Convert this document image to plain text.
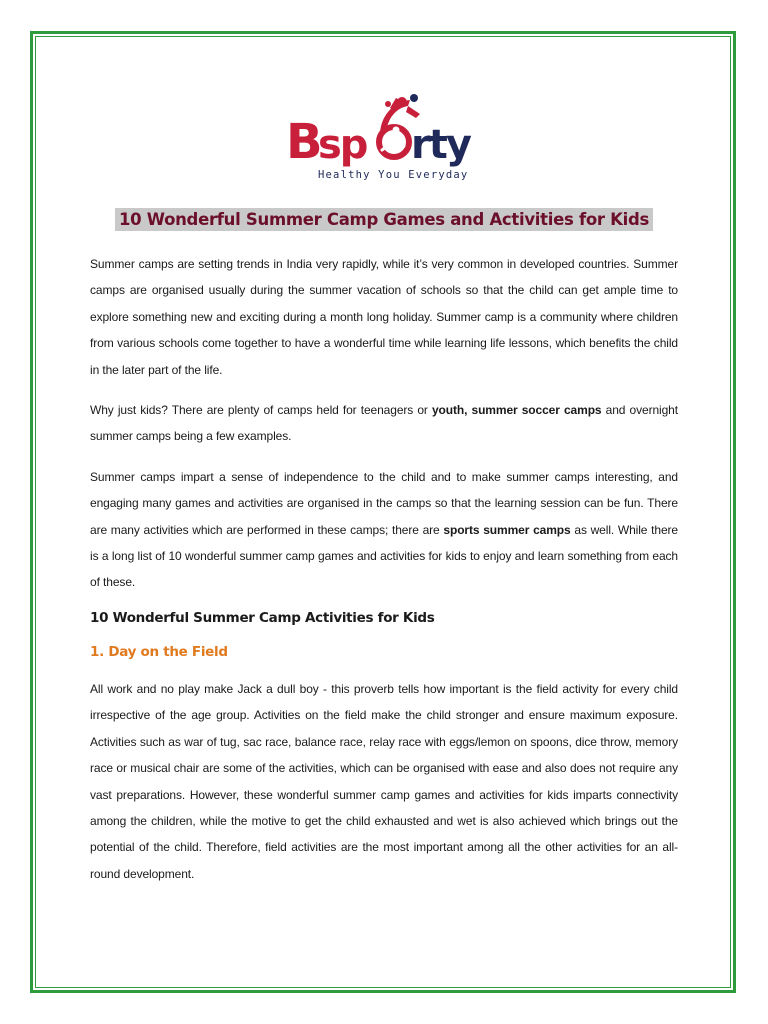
B
sp rty
Healthy You Everyday
10 Wonderful Summer Camp Games and Activities for Kids

Summer camps are setting trends in India very rapidly, while it’s very common in developed countries. Summer camps are organised usually during the summer vacation of schools so that the child can get ample time to explore something new and exciting during a month long holiday. Summer camp is a community where children from various schools come together to have a wonderful time while learning life lessons, which benefits the child in the later part of the life.

Why just kids? There are plenty of camps held for teenagers or youth, summer soccer camps and overnight summer camps being a few examples.

Summer camps impart a sense of independence to the child and to make summer camps interesting, and engaging many games and activities are organised in the camps so that the learning session can be fun. There are many activities which are performed in these camps; there are sports summer camps as well. While there is a long list of 10 wonderful summer camp games and activities for kids to enjoy and learn something from each of these.

10 Wonderful Summer Camp Activities for Kids
1. Day on the Field

All work and no play make Jack a dull boy - this proverb tells how important is the field activity for every child irrespective of the age group. Activities on the field make the child stronger and ensure maximum exposure. Activities such as war of tug, sac race, balance race, relay race with eggs/lemon on spoons, dice throw, memory race or musical chair are some of the activities, which can be organised with ease and also does not require any vast preparations. However, these wonderful summer camp games and activities for kids imparts connectivity among the children, while the motive to get the child exhausted and wet is also achieved which brings out the potential of the child. Therefore, field activities are the most important among all the other activities for an all-round development.
